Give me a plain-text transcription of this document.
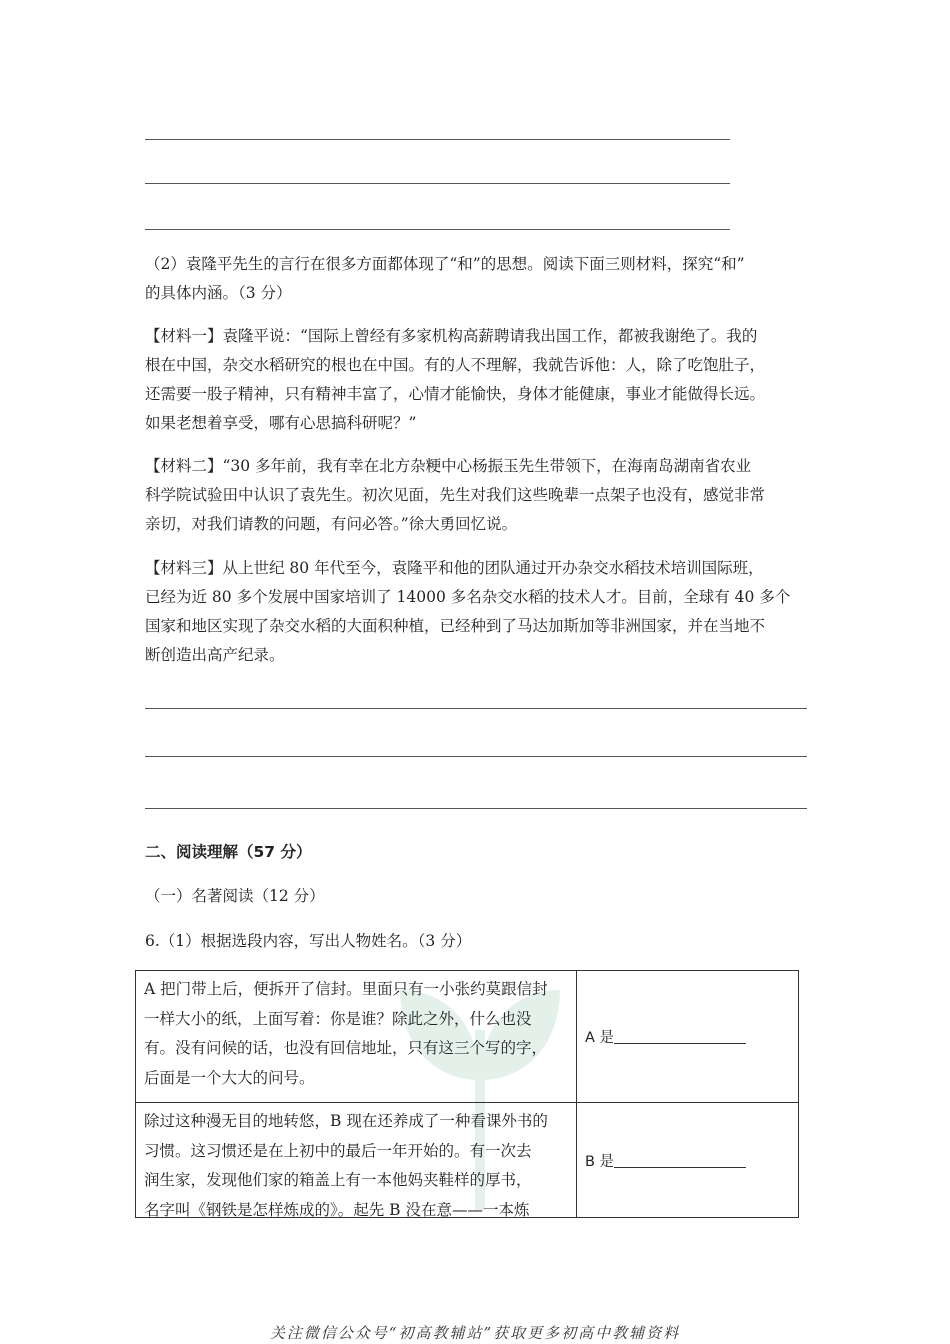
（2）袁隆平先生的言行在很多方面都体现了“和”的思想。阅读下面三则材料，探究“和”
的具体内涵。（3 分）
【材料一】袁隆平说：“国际上曾经有多家机构高薪聘请我出国工作，都被我谢绝了。我的
根在中国，杂交水稻研究的根也在中国。有的人不理解，我就告诉他：人，除了吃饱肚子，
还需要一股子精神，只有精神丰富了，心情才能愉快，身体才能健康，事业才能做得长远。
如果老想着享受，哪有心思搞科研呢？”
【材料二】“30 多年前，我有幸在北方杂粳中心杨振玉先生带领下，在海南岛湖南省农业
科学院试验田中认识了袁先生。初次见面，先生对我们这些晚辈一点架子也没有，感觉非常
亲切，对我们请教的问题，有问必答。”徐大勇回忆说。
【材料三】从上世纪 80 年代至今，袁隆平和他的团队通过开办杂交水稻技术培训国际班，
已经为近 80 多个发展中国家培训了 14000 多名杂交水稻的技术人才。目前，全球有 40 多个
国家和地区实现了杂交水稻的大面积种植，已经种到了马达加斯加等非洲国家，并在当地不
断创造出高产纪录。
二、阅读理解（57 分）
（一）名著阅读（12 分）
6.（1）根据选段内容，写出人物姓名。（3 分）
A 把门带上后，便拆开了信封。里面只有一小张约莫跟信封
一样大小的纸，上面写着：你是谁？除此之外，什么也没
有。没有问候的话，也没有回信地址，只有这三个写的字，
后面是一个大大的问号。	A 是

除过这种漫无目的地转悠，B 现在还养成了一种看课外书的
习惯。这习惯还是在上初中的最后一年开始的。有一次去
润生家，发现他们家的箱盖上有一本他妈夹鞋样的厚书，
名字叫《钢铁是怎样炼成的》。起先 B 没在意——一本炼	B 是
关注微信公众号“初高教辅站”获取更多初高中教辅资料
